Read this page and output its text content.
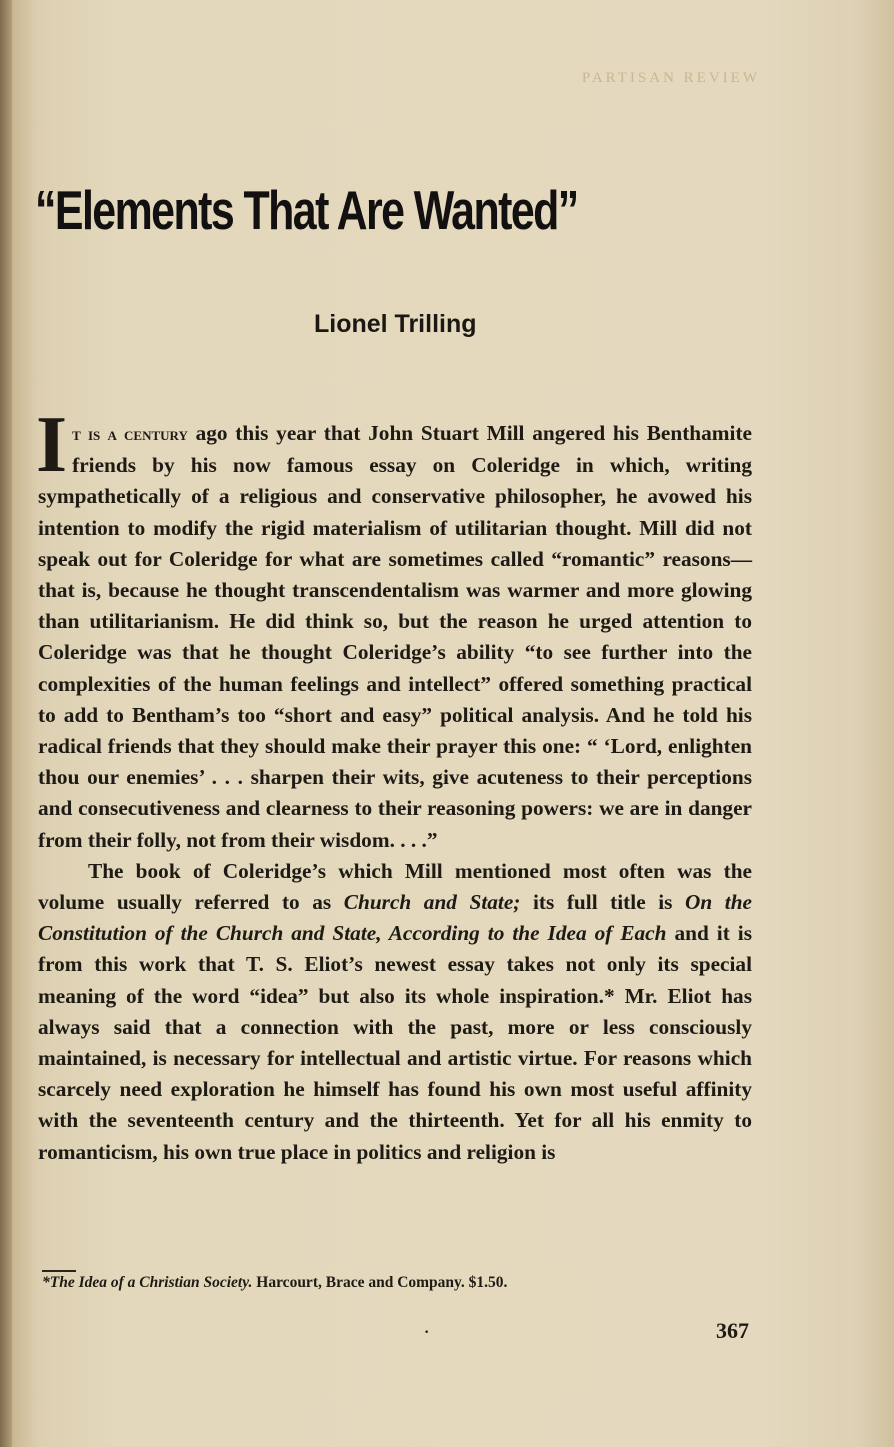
PARTISAN REVIEW
“Elements That Are Wanted”
Lionel Trilling

It is a century ago this year that John Stuart Mill angered his Benthamite friends by his now famous essay on Coleridge in which, writing sympathetically of a religious and conservative philosopher, he avowed his intention to modify the rigid materialism of utilitarian thought. Mill did not speak out for Coleridge for what are sometimes called “romantic” reasons—that is, because he thought transcendentalism was warmer and more glowing than utilitarianism. He did think so, but the reason he urged attention to Coleridge was that he thought Coleridge’s ability “to see further into the complexities of the human feelings and intellect” offered something practical to add to Bentham’s too “short and easy” political analysis. And he told his radical friends that they should make their prayer this one: “ ‘Lord, enlighten thou our enemies’ . . . sharpen their wits, give acuteness to their perceptions and consecutiveness and clearness to their reasoning powers: we are in danger from their folly, not from their wisdom. . . .”

The book of Coleridge’s which Mill mentioned most often was the volume usually referred to as Church and State; its full title is On the Constitution of the Church and State, According to the Idea of Each and it is from this work that T. S. Eliot’s newest essay takes not only its special meaning of the word “idea” but also its whole inspiration.* Mr. Eliot has always said that a connection with the past, more or less consciously maintained, is necessary for intellectual and artistic virtue. For reasons which scarcely need exploration he himself has found his own most useful affinity with the seventeenth century and the thirteenth. Yet for all his enmity to romanticism, his own true place in politics and religion is

*The Idea of a Christian Society. Harcourt, Brace and Company. $1.50.
·	367
